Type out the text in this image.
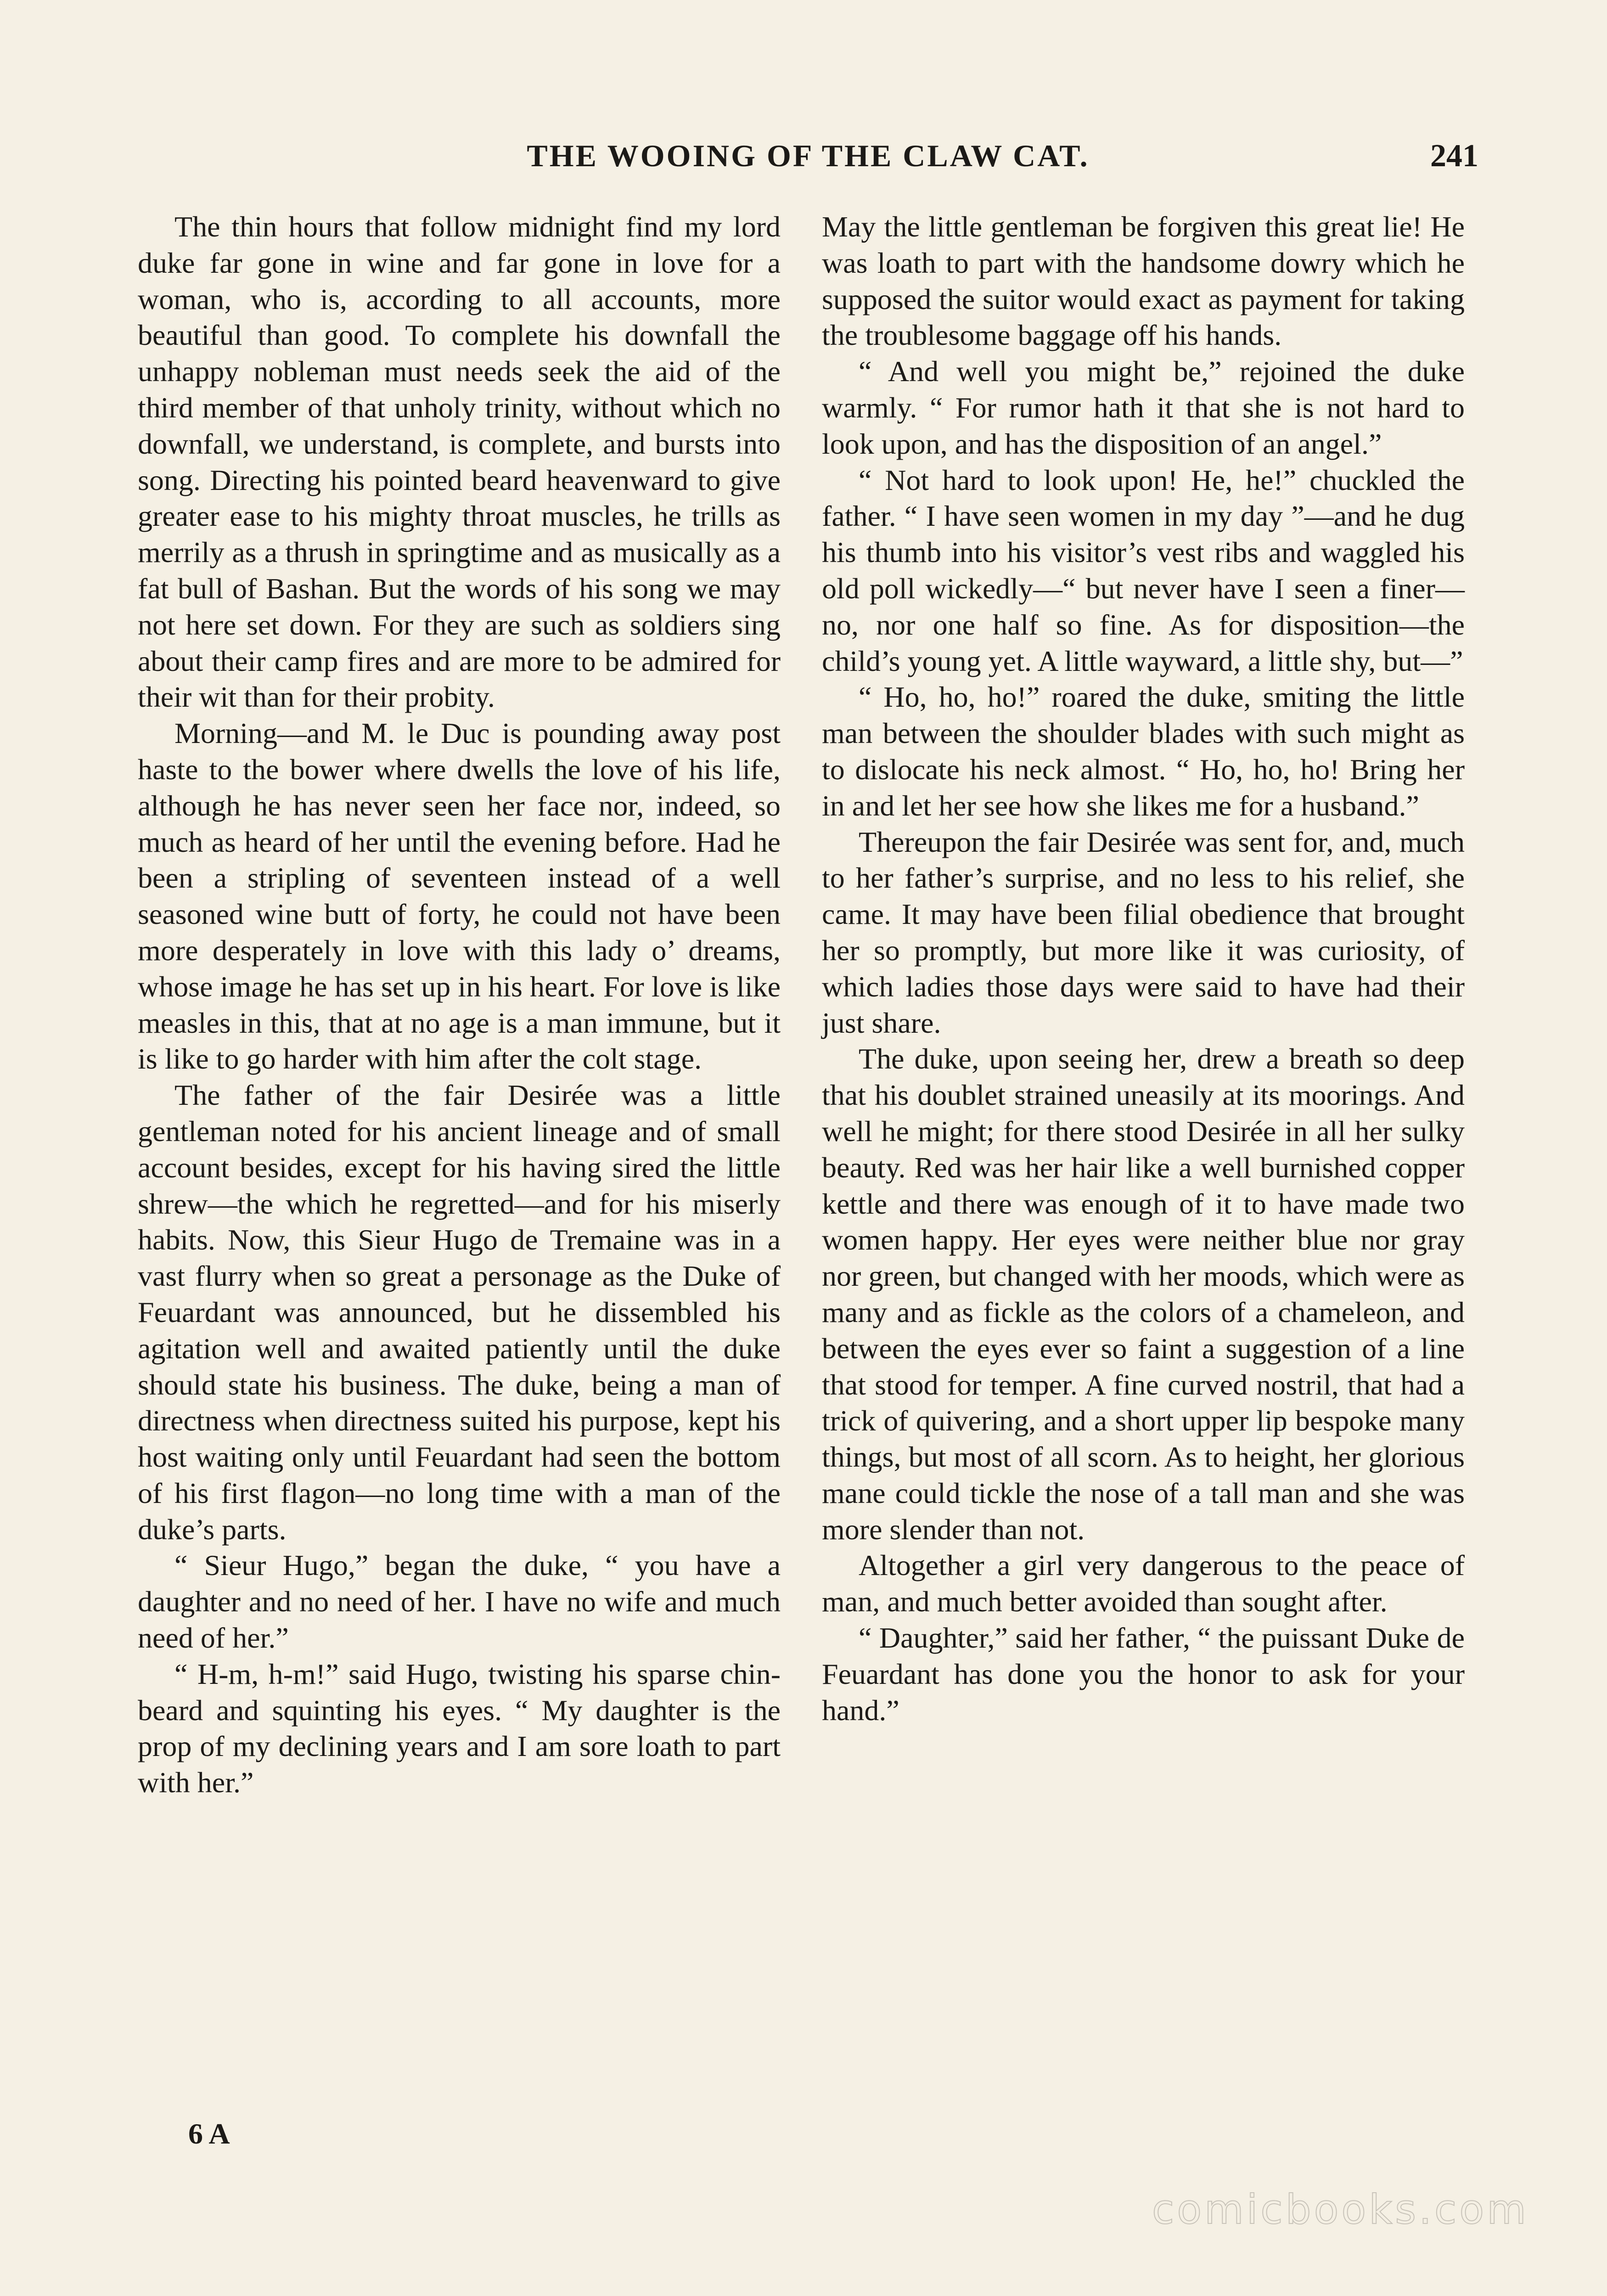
THE WOOING OF THE CLAW CAT.	241

The thin hours that follow midnight find my lord duke far gone in wine and far gone in love for a woman, who is, according to all accounts, more beautiful than good. To complete his downfall the unhappy nobleman must needs seek the aid of the third member of that unholy trinity, without which no downfall, we understand, is complete, and bursts into song. Directing his pointed beard heavenward to give greater ease to his mighty throat muscles, he trills as merrily as a thrush in springtime and as musically as a fat bull of Bashan. But the words of his song we may not here set down. For they are such as soldiers sing about their camp fires and are more to be admired for their wit than for their probity.

Morning—and M. le Duc is pounding away post haste to the bower where dwells the love of his life, although he has never seen her face nor, indeed, so much as heard of her until the evening before. Had he been a stripling of seventeen instead of a well seasoned wine butt of forty, he could not have been more desperately in love with this lady o’ dreams, whose image he has set up in his heart. For love is like measles in this, that at no age is a man immune, but it is like to go harder with him after the colt stage.

The father of the fair Desirée was a little gentleman noted for his ancient lineage and of small account besides, except for his having sired the little shrew—the which he regretted—and for his miserly habits. Now, this Sieur Hugo de Tremaine was in a vast flurry when so great a personage as the Duke of Feuardant was announced, but he dissembled his agitation well and awaited patiently until the duke should state his business. The duke, being a man of directness when directness suited his purpose, kept his host waiting only until Feuardant had seen the bottom of his first flagon—no long time with a man of the duke’s parts.

“ Sieur Hugo,” began the duke, “ you have a daughter and no need of her. I have no wife and much need of her.”

“ H-m, h-m!” said Hugo, twisting his sparse chin-beard and squinting his eyes. “ My daughter is the prop of my declining years and I am sore loath to part with her.”

May the little gentleman be forgiven this great lie! He was loath to part with the handsome dowry which he supposed the suitor would exact as payment for taking the troublesome baggage off his hands.

“ And well you might be,” rejoined the duke warmly. “ For rumor hath it that she is not hard to look upon, and has the disposition of an angel.”

“ Not hard to look upon! He, he!” chuckled the father. “ I have seen women in my day ”—and he dug his thumb into his visitor’s vest ribs and waggled his old poll wickedly—“ but never have I seen a finer—no, nor one half so fine. As for disposition—the child’s young yet. A little wayward, a little shy, but—”

“ Ho, ho, ho!” roared the duke, smiting the little man between the shoulder blades with such might as to dislocate his neck almost. “ Ho, ho, ho! Bring her in and let her see how she likes me for a husband.”

Thereupon the fair Desirée was sent for, and, much to her father’s surprise, and no less to his relief, she came. It may have been filial obedience that brought her so promptly, but more like it was curiosity, of which ladies those days were said to have had their just share.

The duke, upon seeing her, drew a breath so deep that his doublet strained uneasily at its moorings. And well he might; for there stood Desirée in all her sulky beauty. Red was her hair like a well burnished copper kettle and there was enough of it to have made two women happy. Her eyes were neither blue nor gray nor green, but changed with her moods, which were as many and as fickle as the colors of a chameleon, and between the eyes ever so faint a suggestion of a line that stood for temper. A fine curved nostril, that had a trick of quivering, and a short upper lip bespoke many things, but most of all scorn. As to height, her glorious mane could tickle the nose of a tall man and she was more slender than not.

Altogether a girl very dangerous to the peace of man, and much better avoided than sought after.

“ Daughter,” said her father, “ the puissant Duke de Feuardant has done you the honor to ask for your hand.”

6 A
comicbooks.com
